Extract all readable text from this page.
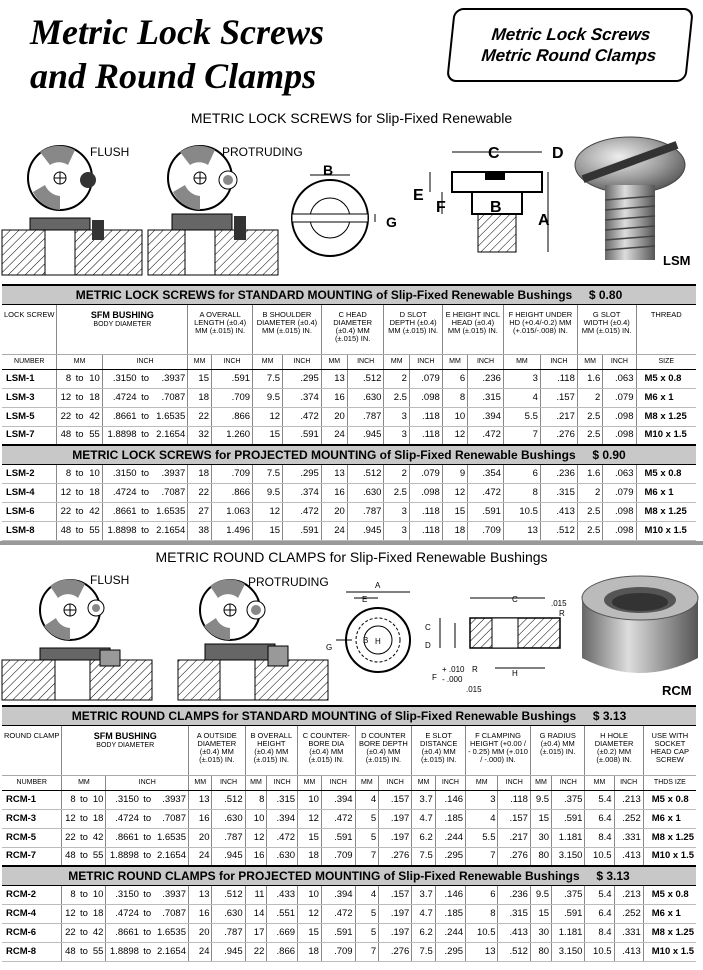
Metric Lock Screws
and Round Clamps
Metric Lock Screws
Metric Round Clamps
METRIC LOCK SCREWS for Slip-Fixed Renewable
FLUSH	PROTRUDING
B
G
C	D
E
F	B
A
LSM
METRIC LOCK SCREWS for STANDARD MOUNTING of Slip-Fixed Renewable Bushings $ 0.80																					
LOCK SCREW	SFM BUSHING
BODY DIAMETER						A OVERALL LENGTH (±0.4) MM (±.015) IN.		B SHOULDER DIAMETER (±0.4) MM (±.015) IN.		C HEAD DIAMETER (±0.4) MM (±.015) IN.		D SLOT DEPTH (±0.4) MM (±.015) IN.		E HEIGHT INCL HEAD (±0.4) MM (±.015) IN.		F HEIGHT UNDER HD (+0.4/-0.2) MM (+.015/-.008) IN.		G SLOT WIDTH (±0.4) MM (±.015) IN.		THREAD
NUMBER	MM			INCH			MM	INCH	MM	INCH	MM	INCH	MM	INCH	MM	INCH	MM	INCH	MM	INCH	SIZE
LSM-1	8	to	10	.3150	to	.3937	15	.591	7.5	.295	13	.512	2	.079	6	.236	3	.118	1.6	.063	M5 x 0.8
LSM-3	12	to	18	.4724	to	.7087	18	.709	9.5	.374	16	.630	2.5	.098	8	.315	4	.157	2	.079	M6 x 1
LSM-5	22	to	42	.8661	to	1.6535	22	.866	12	.472	20	.787	3	.118	10	.394	5.5	.217	2.5	.098	M8 x 1.25
LSM-7	48	to	55	1.8898	to	2.1654	32	1.260	15	.591	24	.945	3	.118	12	.472	7	.276	2.5	.098	M10 x 1.5
METRIC LOCK SCREWS for PROJECTED MOUNTING of Slip-Fixed Renewable Bushings $ 0.90																					
LSM-2	8	to	10	.3150	to	.3937	18	.709	7.5	.295	13	.512	2	.079	9	.354	6	.236	1.6	.063	M5 x 0.8
LSM-4	12	to	18	.4724	to	.7087	22	.866	9.5	.374	16	.630	2.5	.098	12	.472	8	.315	2	.079	M6 x 1
LSM-6	22	to	42	.8661	to	1.6535	27	1.063	12	.472	20	.787	3	.118	15	.591	10.5	.413	2.5	.098	M8 x 1.25
LSM-8	48	to	55	1.8898	to	2.1654	38	1.496	15	.591	24	.945	3	.118	18	.709	13	.512	2.5	.098	M10 x 1.5
METRIC ROUND CLAMPS for Slip-Fixed Renewable Bushings
FLUSH	PROTRUDING	A
E
B H
G
C
C
D
H
F
.015
R
+ .010
- .000
R
.015	RCM
METRIC ROUND CLAMPS for STANDARD MOUNTING of Slip-Fixed Renewable Bushings $ 3.13																							
ROUND CLAMP	SFM BUSHING
BODY DIAMETER						A OUTSIDE DIAMETER (±0.4) MM (±.015) IN.		B OVERALL HEIGHT (±0.4) MM (±.015) IN.		C COUNTER-BORE DIA (±0.4) MM (±.015) IN.		D COUNTER BORE DEPTH (±0.4) MM (±.015) IN.		E SLOT DISTANCE (±0.4) MM (±.015) IN.		F CLAMPING HEIGHT (+0.00 / - 0.25) MM (+.010 / -.000) IN.		G RADIUS (±0.4) MM (±.015) IN.		H HOLE DIAMETER (±0.2) MM (±.008) IN.		USE WITH SOCKET HEAD CAP SCREW
NUMBER	MM			INCH			MM	INCH	MM	INCH	MM	INCH	MM	INCH	MM	INCH	MM	INCH	MM	INCH	MM	INCH	THDS IZE
RCM-1	8	to	10	.3150	to	.3937	13	.512	8	.315	10	.394	4	.157	3.7	.146	3	.118	9.5	.375	5.4	.213	M5 x 0.8
RCM-3	12	to	18	.4724	to	.7087	16	.630	10	.394	12	.472	5	.197	4.7	.185	4	.157	15	.591	6.4	.252	M6 x 1
RCM-5	22	to	42	.8661	to	1.6535	20	.787	12	.472	15	.591	5	.197	6.2	.244	5.5	.217	30	1.181	8.4	.331	M8 x 1.25
RCM-7	48	to	55	1.8898	to	2.1654	24	.945	16	.630	18	.709	7	.276	7.5	.295	7	.276	80	3.150	10.5	.413	M10 x 1.5
METRIC ROUND CLAMPS for PROJECTED MOUNTING of Slip-Fixed Renewable Bushings $ 3.13																							
RCM-2	8	to	10	.3150	to	.3937	13	.512	11	.433	10	.394	4	.157	3.7	.146	6	.236	9.5	.375	5.4	.213	M5 x 0.8
RCM-4	12	to	18	.4724	to	.7087	16	.630	14	.551	12	.472	5	.197	4.7	.185	8	.315	15	.591	6.4	.252	M6 x 1
RCM-6	22	to	42	.8661	to	1.6535	20	.787	17	.669	15	.591	5	.197	6.2	.244	10.5	.413	30	1.181	8.4	.331	M8 x 1.25
RCM-8	48	to	55	1.8898	to	2.1654	24	.945	22	.866	18	.709	7	.276	7.5	.295	13	.512	80	3.150	10.5	.413	M10 x 1.5
